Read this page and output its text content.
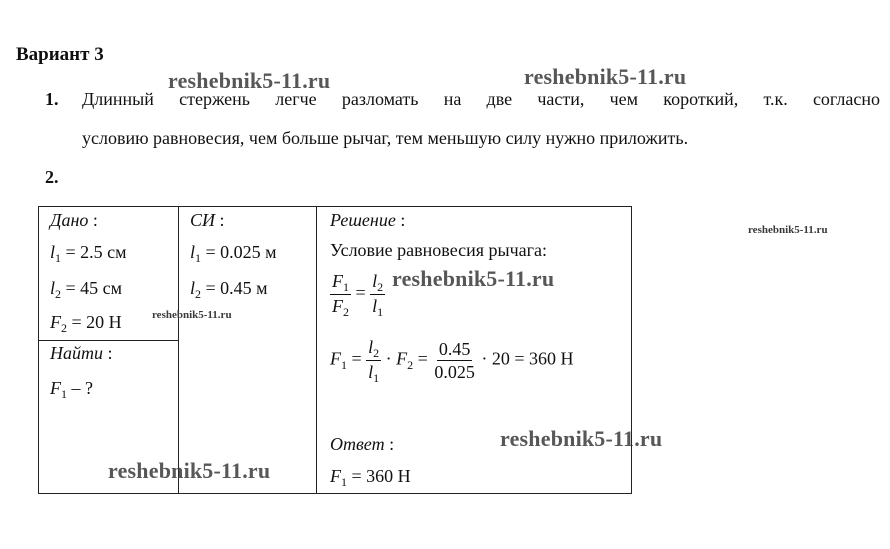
Вариант 3
1. Длинный стержень легче разломать на две части, чем короткий, т.к. согласно
условию равновесия, чем больше рычаг, тем меньшую силу нужно приложить.
2.
Дано :
$l_1 = 2.5$ см
$l_2 = 45$ см
$F_2 = 20$ Н
Найти :
$F_1$ – ?
СИ :
$l_1 = 0.025$ м
$l_2 = 0.45$ м
Решение :
Условие равновесия рычага:
$\frac{F_1}{F_2} = \frac{l_2}{l_1}$
$F_1 = \frac{l_2}{l_1} \cdot F_2 = \frac{0.45}{0.025} \cdot 20 = 360$ Н
Ответ :
$F_1 = 360$ Н
reshebnik5-11.ru	reshebnik5-11.ru
reshebnik5-11.ru
reshebnik5-11.ru
reshebnik5-11.ru
reshebnik5-11.ru
reshebnik5-11.ru
